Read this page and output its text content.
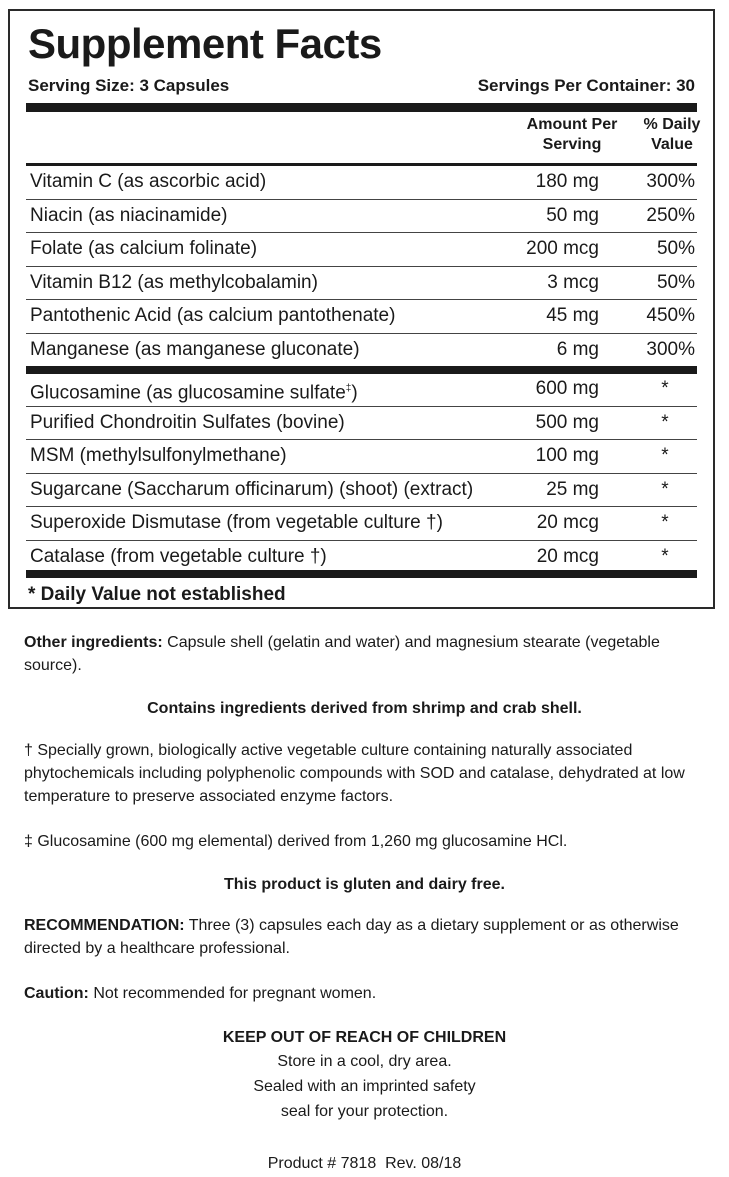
Supplement Facts
Serving Size: 3 Capsules	Servings Per Container: 30
Amount Per
Serving
% Daily
Value
Vitamin C (as ascorbic acid)	180 mg	300%
Niacin (as niacinamide)	50 mg	250%
Folate (as calcium folinate)	200 mcg	50%
Vitamin B12 (as methylcobalamin)	3 mcg	50%
Pantothenic Acid (as calcium pantothenate)	45 mg	450%
Manganese (as manganese gluconate)	6 mg	300%
Glucosamine (as glucosamine sulfate‡)	600 mg	*
Purified Chondroitin Sulfates (bovine)	500 mg	*
MSM (methylsulfonylmethane)	100 mg	*
Sugarcane (Saccharum officinarum) (shoot) (extract)	25 mg	*
Superoxide Dismutase (from vegetable culture †)	20 mcg	*
Catalase (from vegetable culture †)	20 mcg	*
* Daily Value not established
Other ingredients: Capsule shell (gelatin and water) and magnesium stearate (vegetable source).
Contains ingredients derived from shrimp and crab shell.
† Specially grown, biologically active vegetable culture containing naturally associated phytochemicals including polyphenolic compounds with SOD and catalase, dehydrated at low temperature to preserve associated enzyme factors.
‡ Glucosamine (600 mg elemental) derived from 1,260 mg glucosamine HCl.
This product is gluten and dairy free.
RECOMMENDATION: Three (3) capsules each day as a dietary supplement or as otherwise directed by a healthcare professional.
Caution: Not recommended for pregnant women.
KEEP OUT OF REACH OF CHILDREN
Store in a cool, dry area.
Sealed with an imprinted safety
seal for your protection.
Product # 7818  Rev. 08/18
